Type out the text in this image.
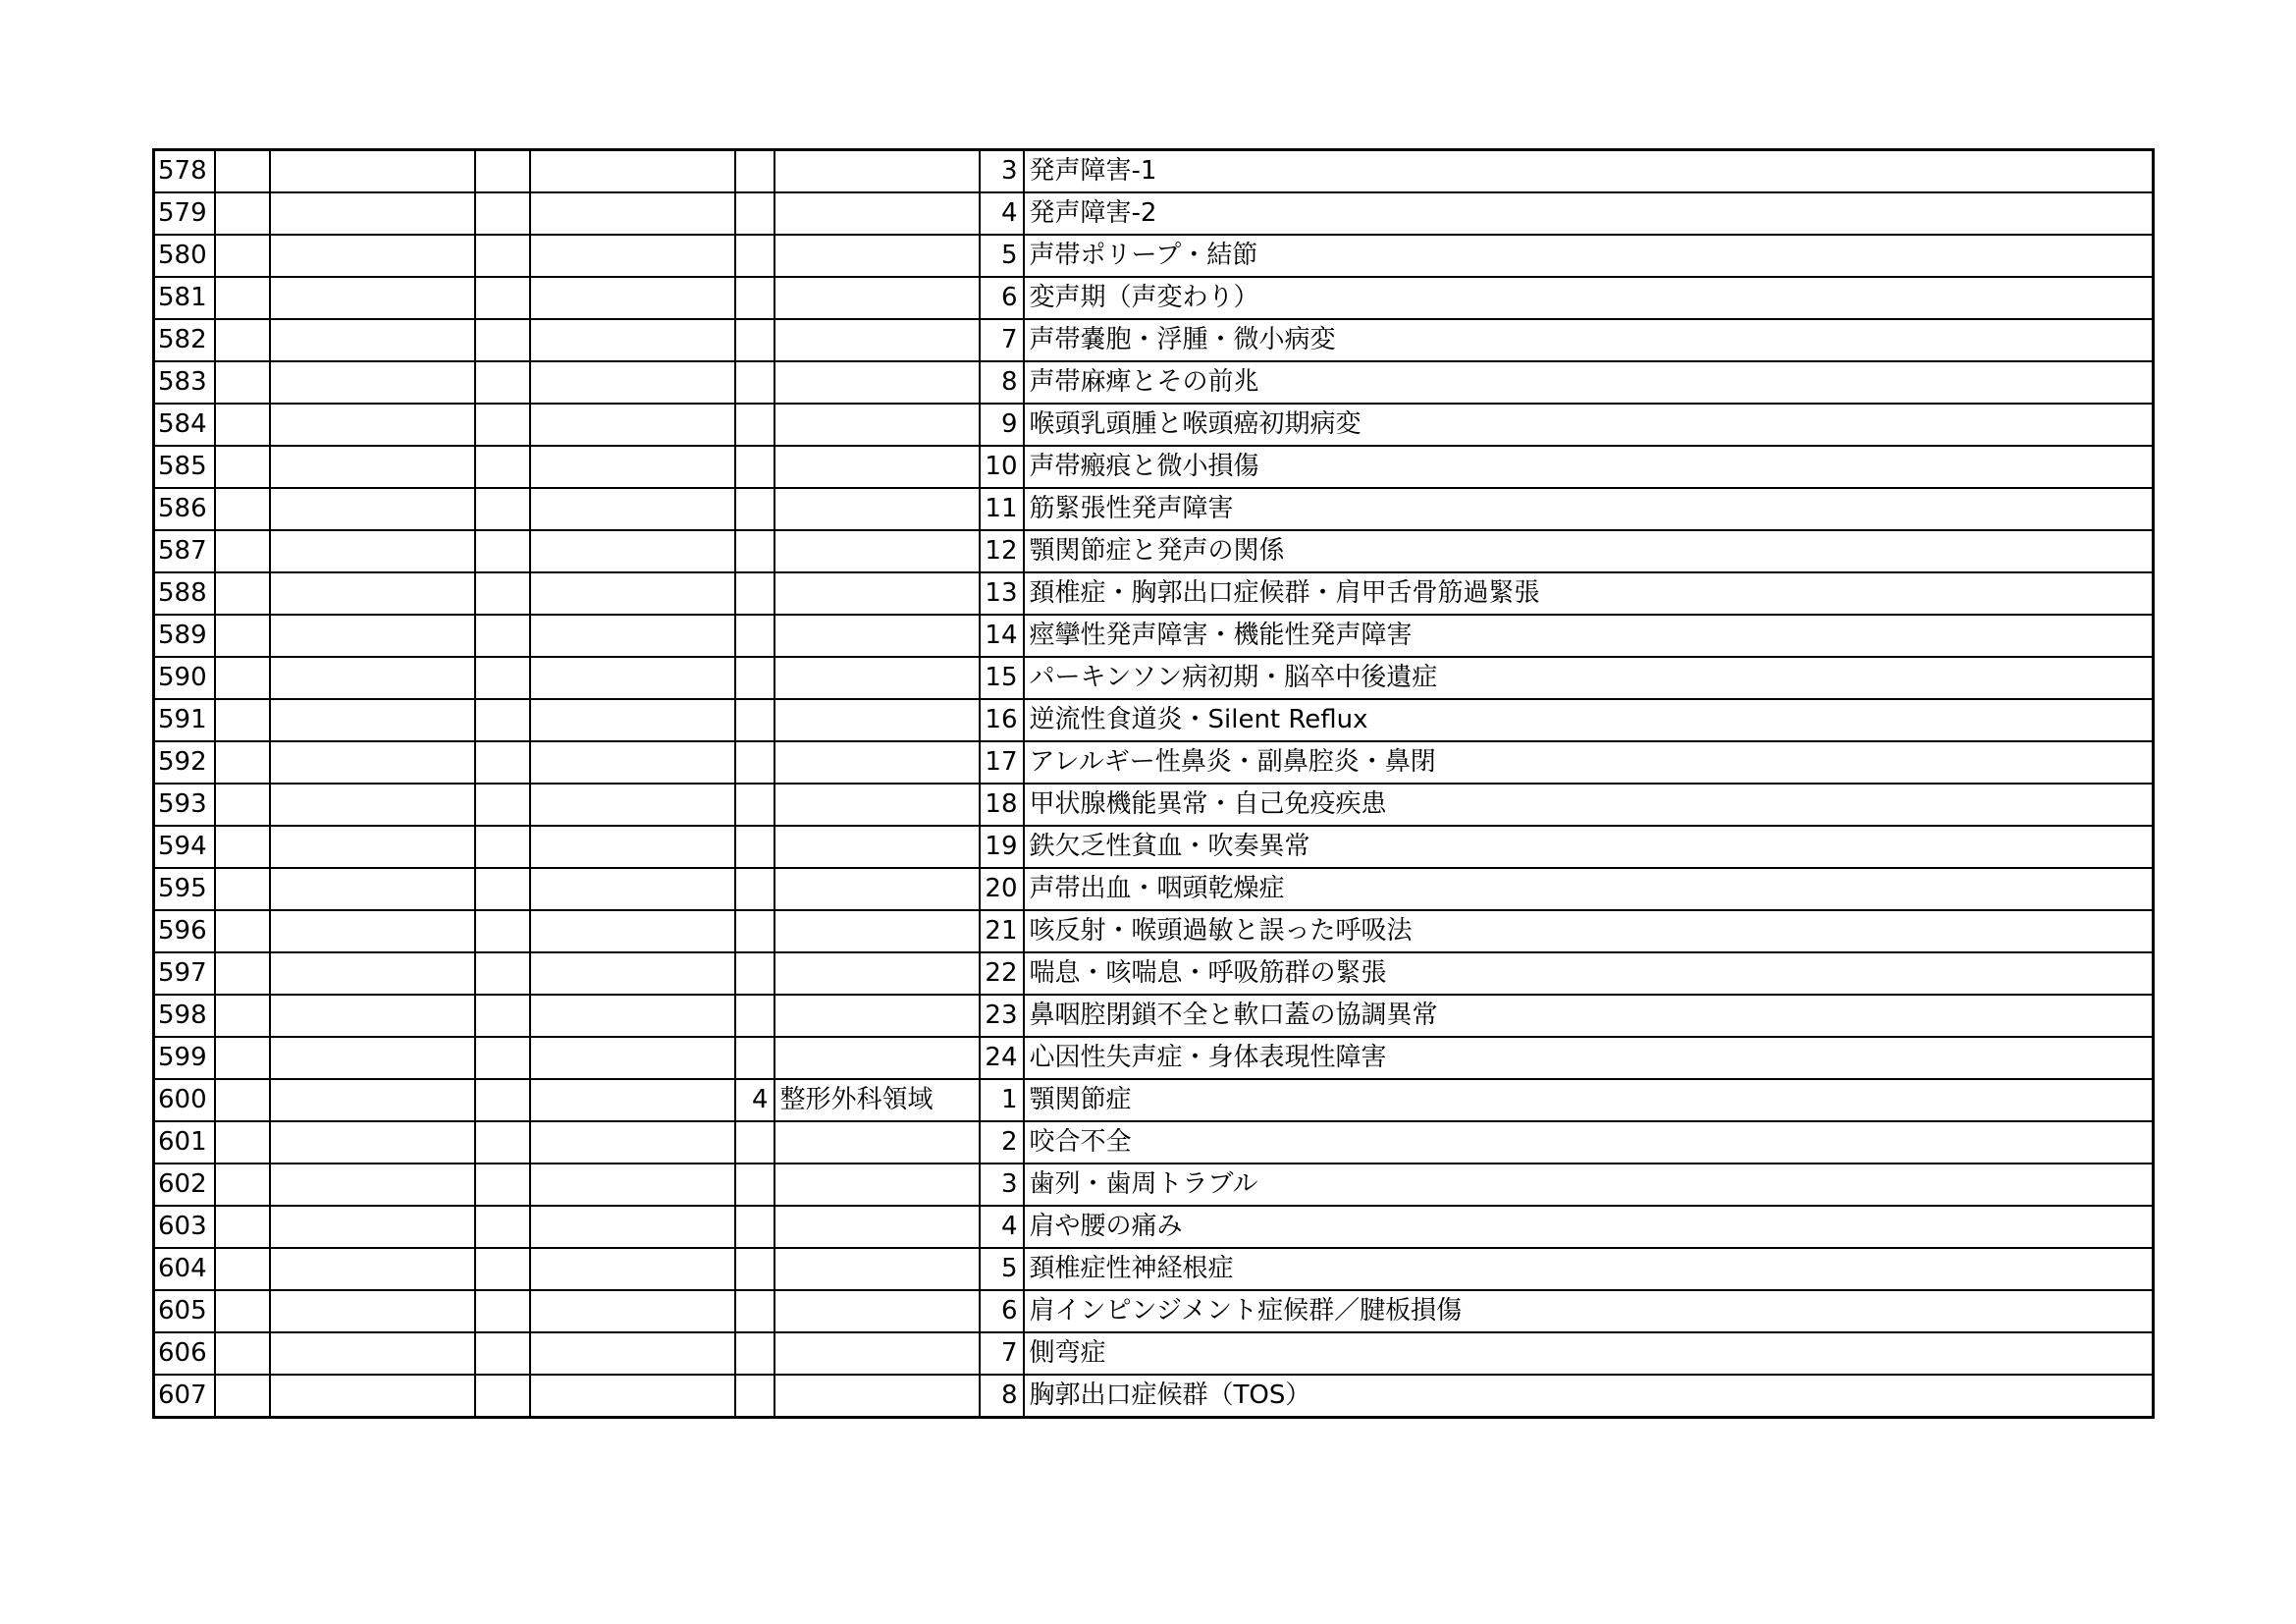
578							3	発声障害-1
579							4	発声障害-2
580							5	声帯ポリープ・結節
581							6	変声期（声変わり）
582							7	声帯嚢胞・浮腫・微小病変
583							8	声帯麻痺とその前兆
584							9	喉頭乳頭腫と喉頭癌初期病変
585							10	声帯瘢痕と微小損傷
586							11	筋緊張性発声障害
587							12	顎関節症と発声の関係
588							13	頚椎症・胸郭出口症候群・肩甲舌骨筋過緊張
589							14	痙攣性発声障害・機能性発声障害
590							15	パーキンソン病初期・脳卒中後遺症
591							16	逆流性食道炎・Silent Reflux
592							17	アレルギー性鼻炎・副鼻腔炎・鼻閉
593							18	甲状腺機能異常・自己免疫疾患
594							19	鉄欠乏性貧血・吹奏異常
595							20	声帯出血・咽頭乾燥症
596							21	咳反射・喉頭過敏と誤った呼吸法
597							22	喘息・咳喘息・呼吸筋群の緊張
598							23	鼻咽腔閉鎖不全と軟口蓋の協調異常
599							24	心因性失声症・身体表現性障害
600					4	整形外科領域	1	顎関節症
601							2	咬合不全
602							3	歯列・歯周トラブル
603							4	肩や腰の痛み
604							5	頚椎症性神経根症
605							6	肩インピンジメント症候群／腱板損傷
606							7	側弯症
607							8	胸郭出口症候群（TOS）
